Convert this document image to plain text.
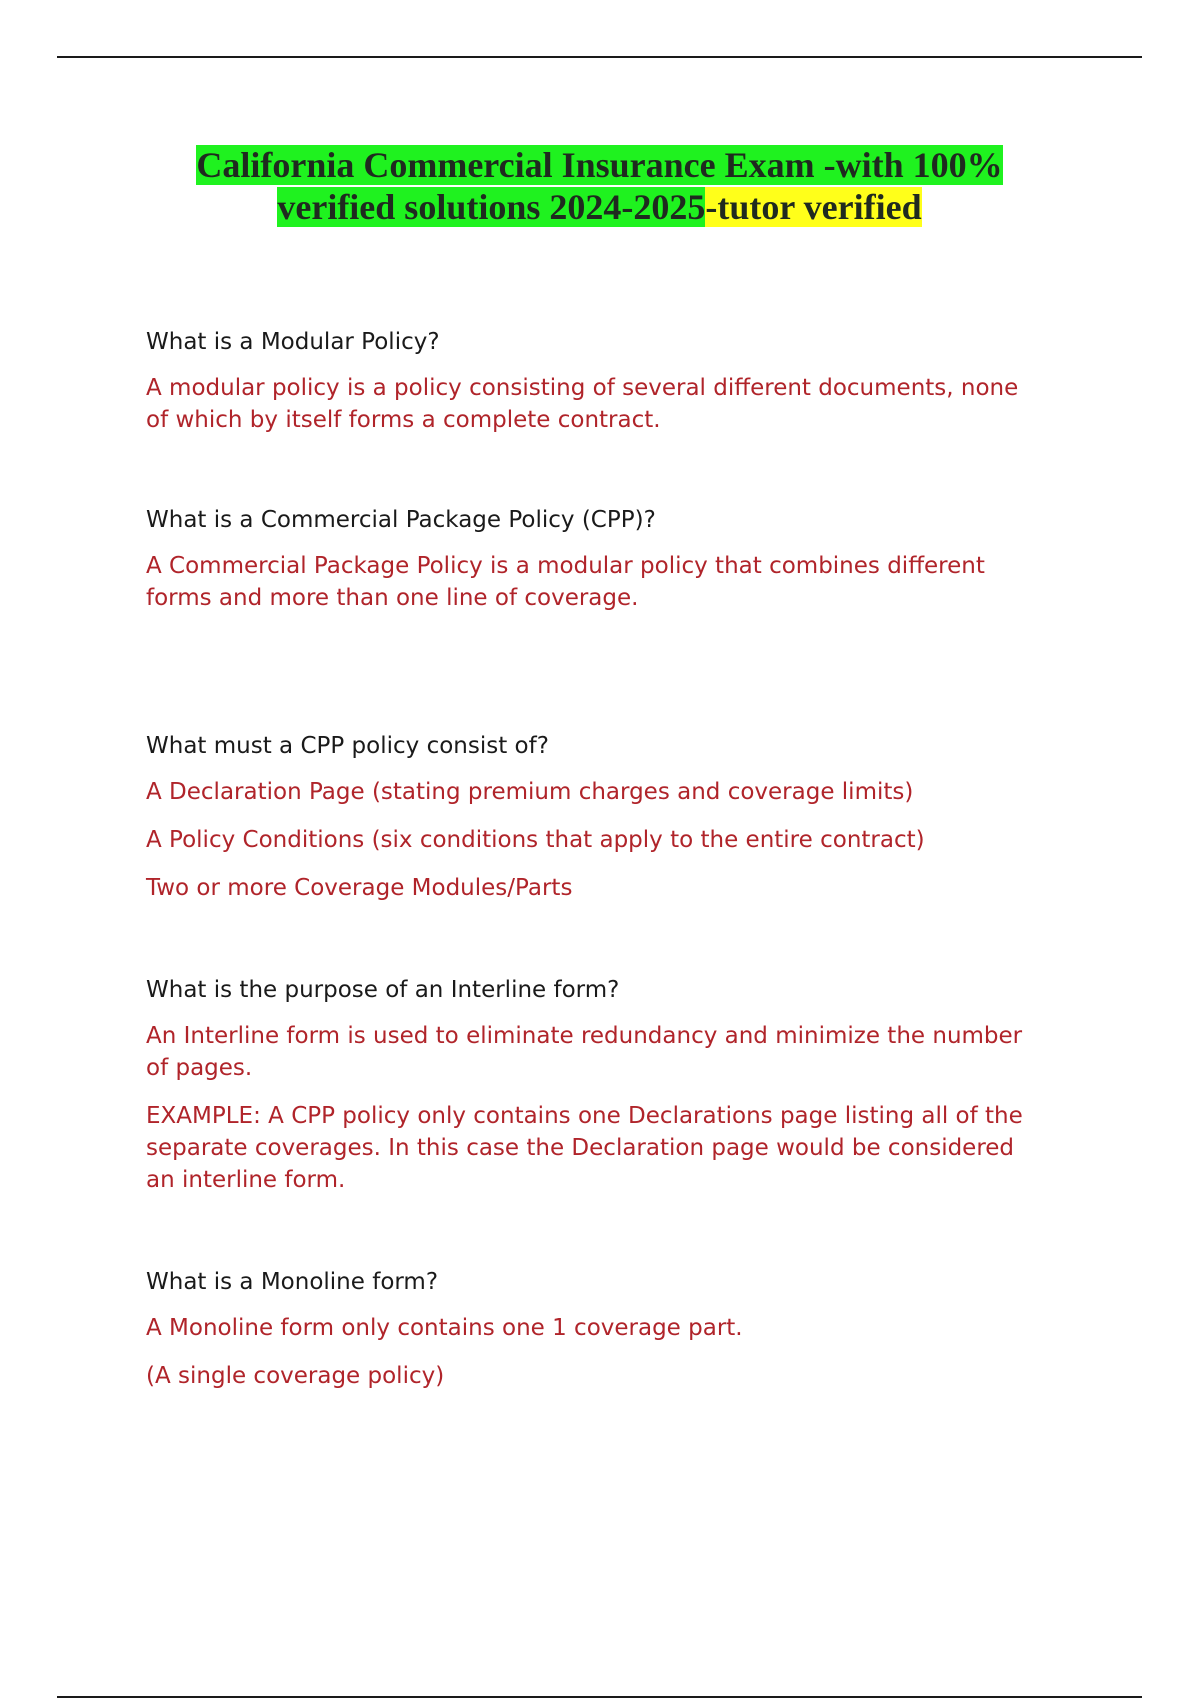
California Commercial Insurance Exam -with 100%
verified solutions 2024-2025-tutor verified
What is a Modular Policy?
A modular policy is a policy consisting of several different documents, none of which by itself forms a complete contract.
What is a Commercial Package Policy (CPP)?
A Commercial Package Policy is a modular policy that combines different forms and more than one line of coverage.
What must a CPP policy consist of?
A Declaration Page (stating premium charges and coverage limits)
A Policy Conditions (six conditions that apply to the entire contract)
Two or more Coverage Modules/Parts
What is the purpose of an Interline form?
An Interline form is used to eliminate redundancy and minimize the number of pages.
EXAMPLE: A CPP policy only contains one Declarations page listing all of the separate coverages. In this case the Declaration page would be considered an interline form.
What is a Monoline form?
A Monoline form only contains one 1 coverage part.
(A single coverage policy)
